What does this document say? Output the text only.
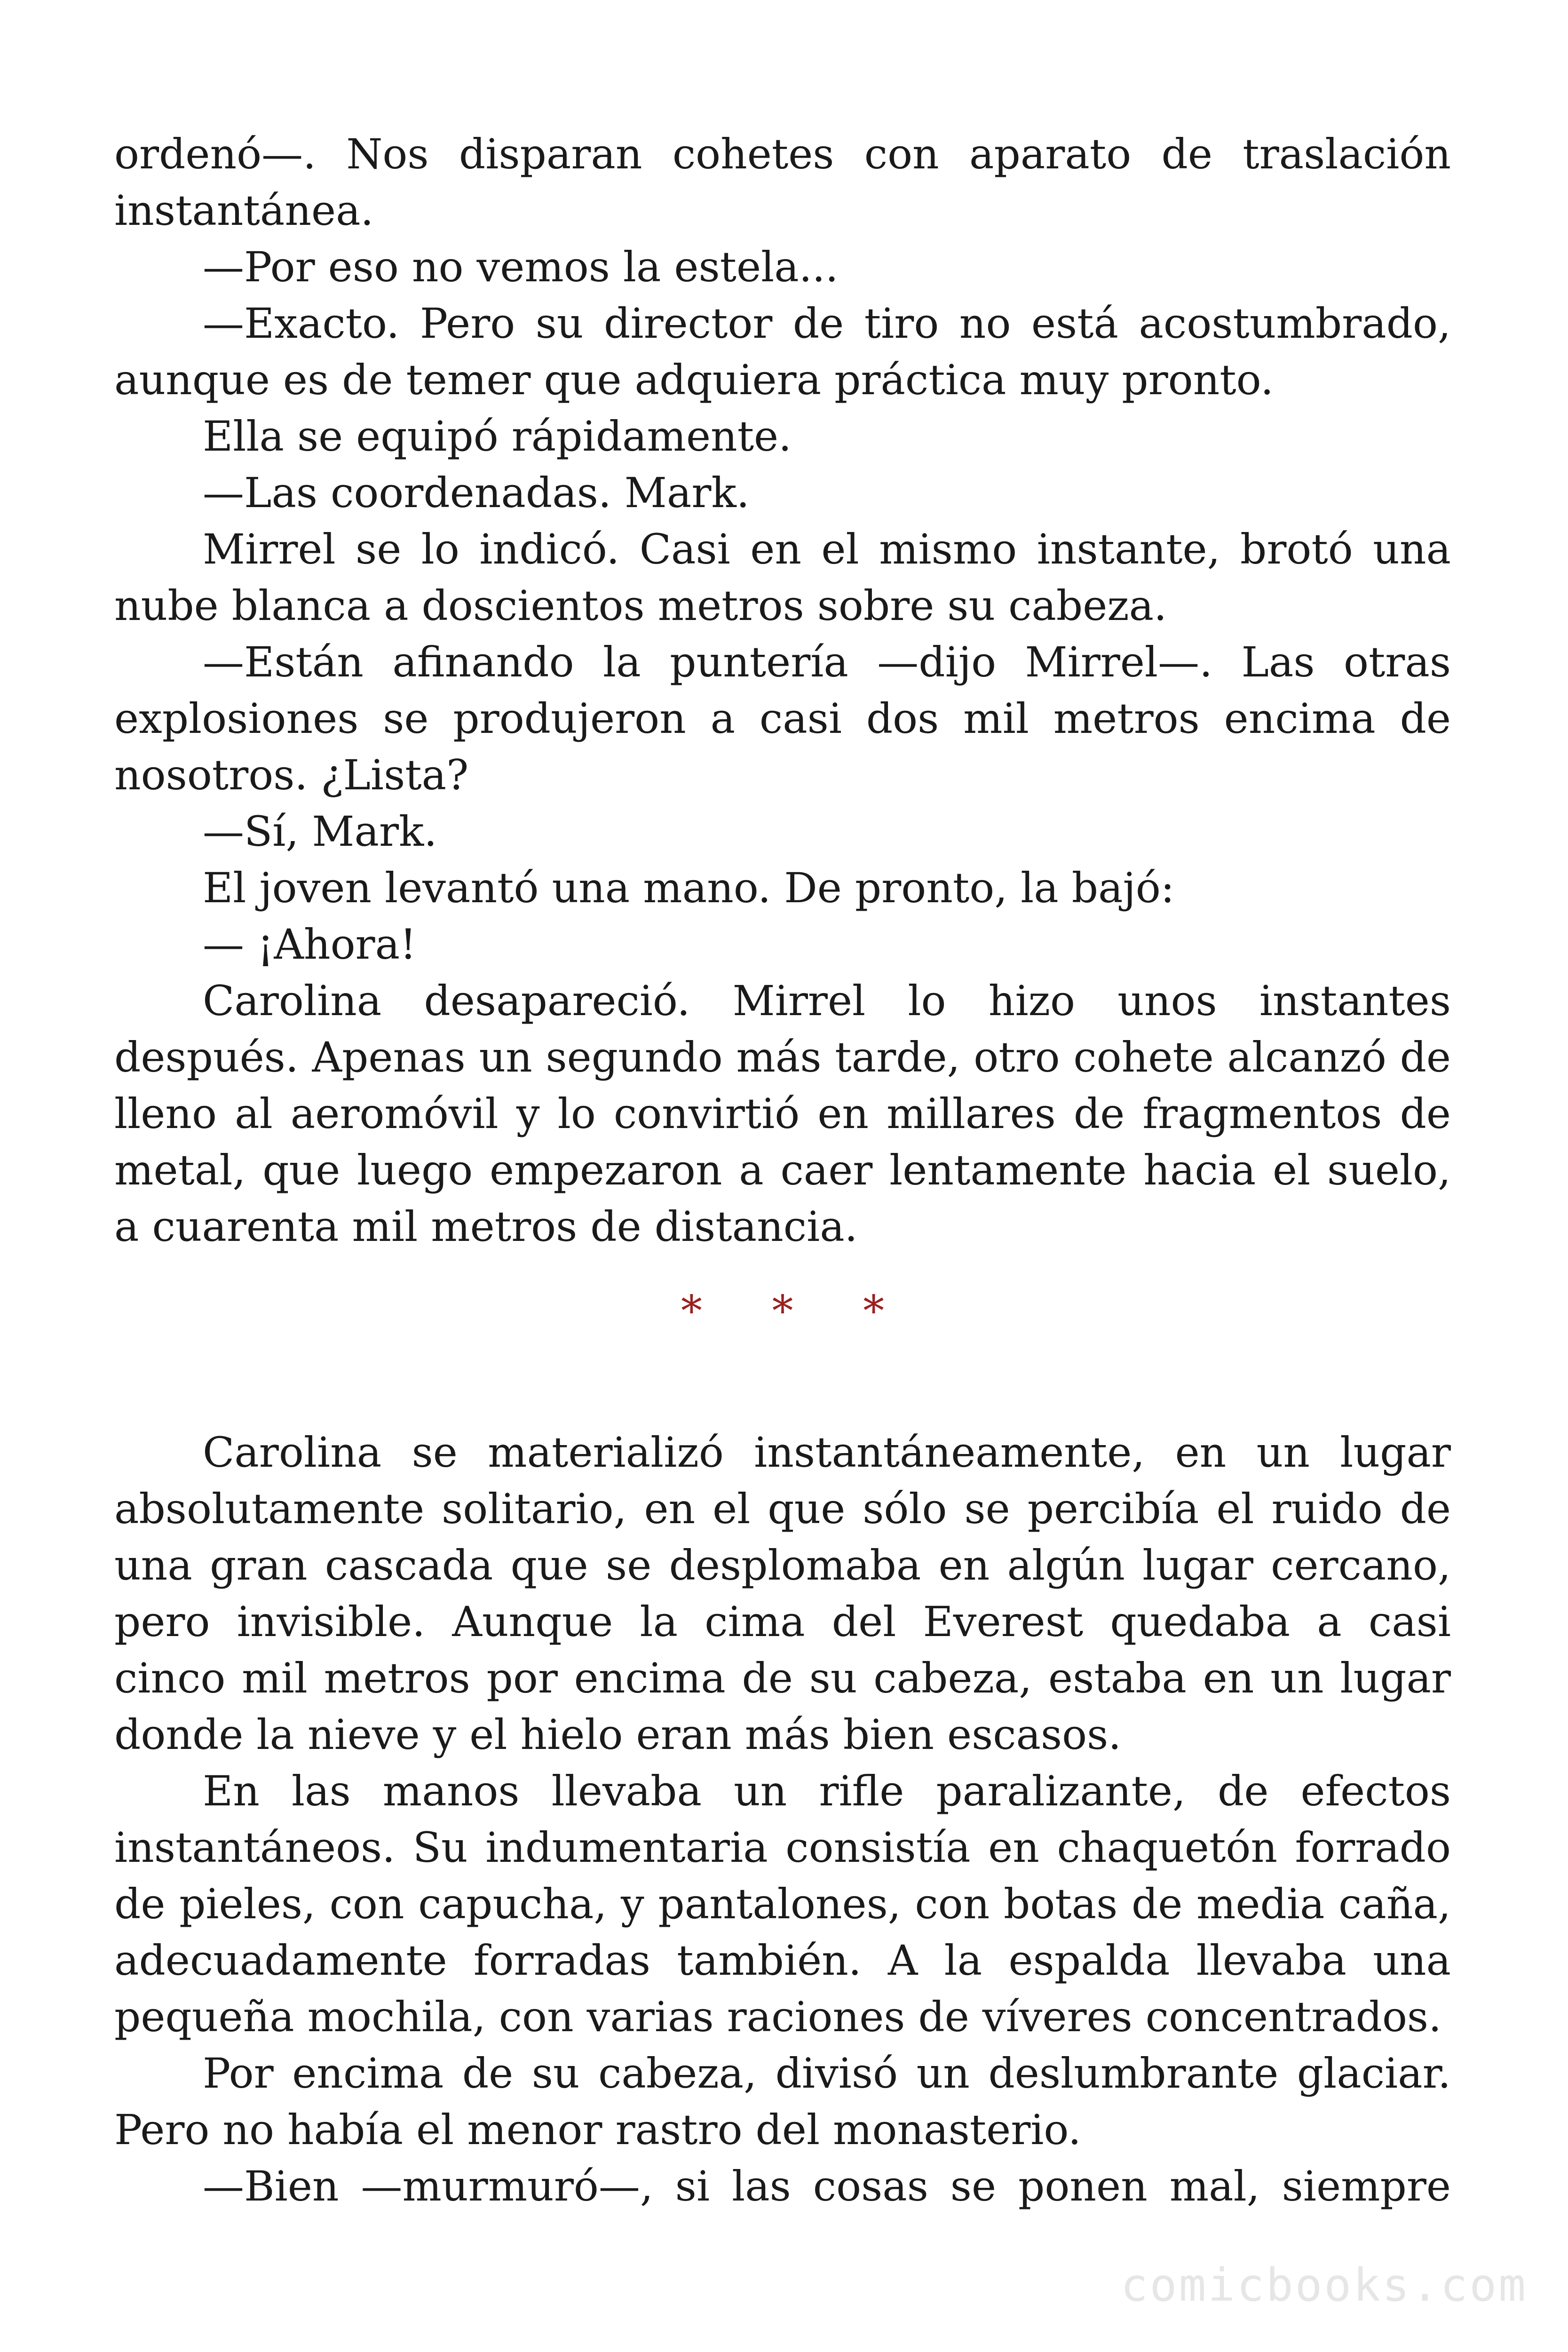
ordenó—. Nos disparan cohetes con aparato de traslación instantánea.

—Por eso no vemos la estela...

—Exacto. Pero su director de tiro no está acostumbrado, aunque es de temer que adquiera práctica muy pronto.

Ella se equipó rápidamente.

—Las coordenadas. Mark.

Mirrel se lo indicó. Casi en el mismo instante, brotó una nube blanca a doscientos metros sobre su cabeza.

—Están afinando la puntería —dijo Mirrel—. Las otras explosiones se produjeron a casi dos mil metros encima de nosotros. ¿Lista?

—Sí, Mark.

El joven levantó una mano. De pronto, la bajó:

— ¡Ahora!

Carolina desapareció. Mirrel lo hizo unos instantes después. Apenas un segundo más tarde, otro cohete alcanzó de lleno al aeromóvil y lo convirtió en millares de fragmentos de metal, que luego empezaron a caer lentamente hacia el suelo, a cuarenta mil metros de distancia.

* * *

Carolina se materializó instantáneamente, en un lugar absolutamente solitario, en el que sólo se percibía el ruido de una gran cascada que se desplomaba en algún lugar cercano, pero invisible. Aunque la cima del Everest quedaba a casi cinco mil metros por encima de su cabeza, estaba en un lugar donde la nieve y el hielo eran más bien escasos.

En las manos llevaba un rifle paralizante, de efectos instantáneos. Su indumentaria consistía en chaquetón forrado de pieles, con capucha, y pantalones, con botas de media caña, adecuadamente forradas también. A la espalda llevaba una pequeña mochila, con varias raciones de víveres concentrados.

Por encima de su cabeza, divisó un deslumbrante glaciar. Pero no había el menor rastro del monasterio.

—Bien —murmuró—, si las cosas se ponen mal, siempre

comicbooks.com
